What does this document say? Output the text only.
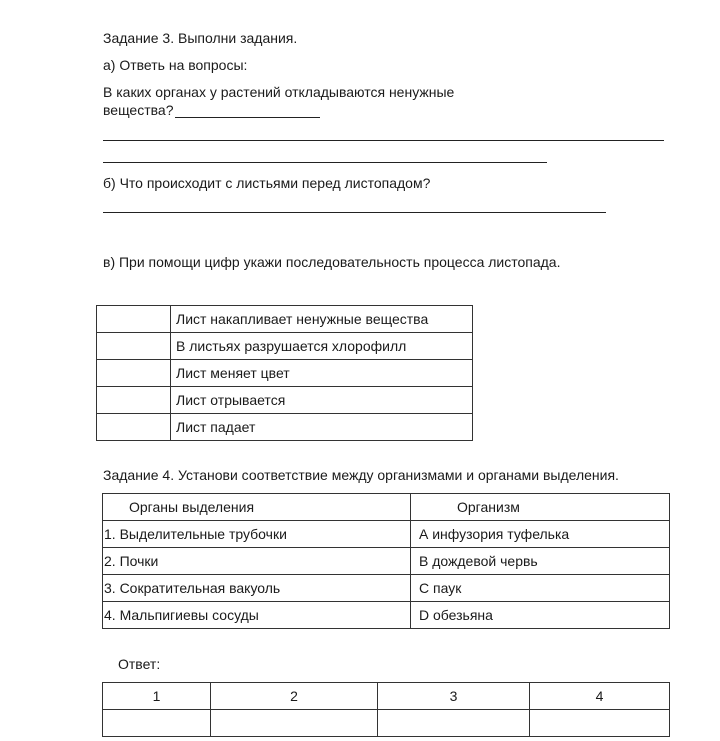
Задание 3. Выполни задания.
а) Ответь на вопросы:
В каких органах у растений откладываются ненужные
вещества?
б) Что происходит с листьями перед листопадом?
в) При помощи цифр укажи последовательность процесса листопада.
	Лист накапливает ненужные вещества
	В листьях разрушается хлорофилл
	Лист меняет цвет
	Лист отрывается
	Лист падает
Задание 4. Установи соответствие между организмами и органами выделения.
Органы выделения	Организм
1. Выделительные трубочки	А инфузория туфелька
2. Почки	В дождевой червь
3. Сократительная вакуоль	С паук
4. Мальпигиевы сосуды	D обезьяна
Ответ:
1	2	3	4
